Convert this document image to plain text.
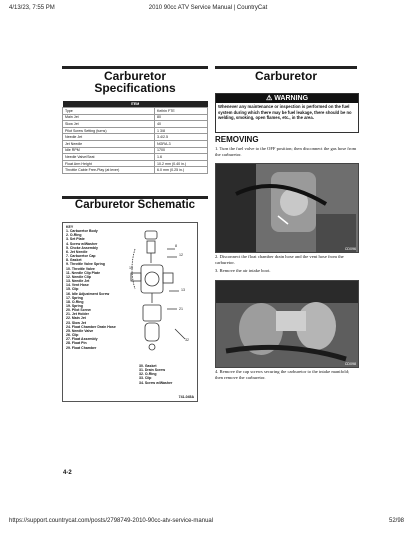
4/13/23, 7:55 PM	2010 90cc ATV Service Manual | CountryCat
Carburetor
Specifications
ITEM	
Type	Keihin FTE
Main Jet	80
Slow Jet	40
Pilot Screw Setting (turns)	1 3/8
Needle Jet	3.4/2.5
Jet Needle	NGRA-3
Idle RPM	1700
Needle Valve/Seat	1.6
Float Arm Height	10.2 mm (0.40 in.)
Throttle Cable Free-Play (at lever)	6.0 mm (0.25 in.)
Carburetor Schematic
KEY
1. Carburetor Body
2. O-Ring
3. Set Plate
4. Screw w/Washer
5. Choke Assembly
6. Jet Needle
7. Carburetor Cap
8. Gasket
9. Throttle Valve Spring
10. Throttle Valve
11. Needle Clip Plate
12. Needle Clip
13. Needle Jet
14. Vent Hose
15. Clip
16. Idle Adjustment Screw
17. Spring
18. O-Ring
19. Spring
20. Pilot Screw
21. Jet Holder
22. Main Jet
23. Slow Jet
24. Float Chamber Drain Hose
25. Needle Valve
26. Clip
27. Float Assembly
28. Float Pin
29. Float Chamber
30. Gasket
31. Drain Screw
32. O-Ring
33. Clip
34. Screw w/Washer
8
12
13
21
15
32
741-045A
4-2
Carburetor
⚠ WARNING
Whenever any maintenance or inspection is performed on the fuel system during which there may be fuel leakage, there should be no welding, smoking, open flames, etc., in the area.
REMOVING
1. Turn the fuel valve to the OFF position; then disconnect the gas hose from the carburetor.
CD096
2. Disconnect the float chamber drain hose and the vent hose from the carburetor.
3. Remove the air intake boot.
CD098
4. Remove the cap screws securing the carburetor to the intake manifold; then remove the carburetor.
https://support.countrycat.com/posts/2798749-2010-90cc-atv-service-manual	52/98
